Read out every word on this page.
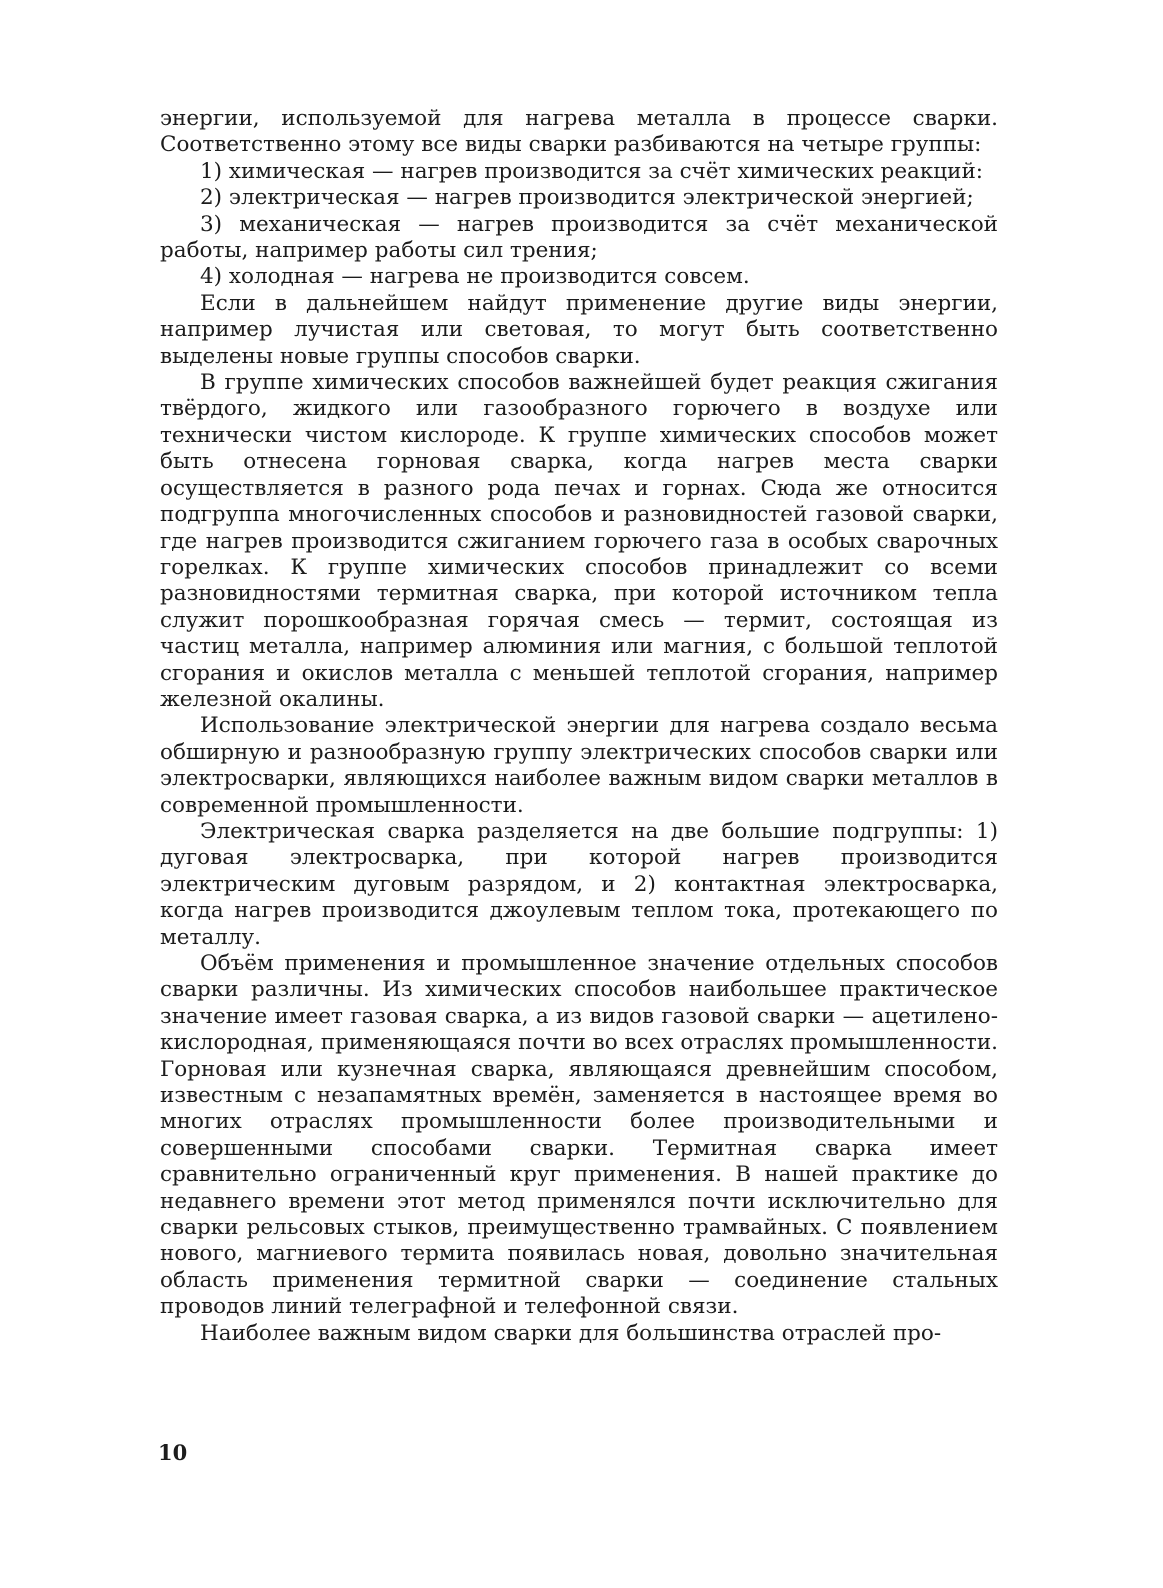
энергии, используемой для нагрева металла в процессе сварки. Соответственно этому все виды сварки разбиваются на четыре группы:

1) химическая — нагрев производится за счёт химических реакций:

2) электрическая — нагрев производится электрической энергией;

3) механическая — нагрев производится за счёт механической работы, например работы сил трения;

4) холодная — нагрева не производится совсем.

Если в дальнейшем найдут применение другие виды энергии, например лучистая или световая, то могут быть соответственно выделены новые группы способов сварки.

В группе химических способов важнейшей будет реакция сжигания твёрдого, жидкого или газообразного горючего в воздухе или технически чистом кислороде. К группе химических способов может быть отнесена горновая сварка, когда нагрев места сварки осуществляется в разного рода печах и горнах. Сюда же относится подгруппа многочисленных способов и разновидностей газовой сварки, где нагрев производится сжиганием горючего газа в особых сварочных горелках. К группе химических способов принадлежит со всеми разновидностями термитная сварка, при которой источником тепла служит порошкообразная горячая смесь — термит, состоящая из частиц металла, например алюминия или магния, с большой теплотой сгорания и окислов металла с меньшей теплотой сгорания, например железной окалины.

Использование электрической энергии для нагрева создало весьма обширную и разнообразную группу электрических способов сварки или электросварки, являющихся наиболее важным видом сварки металлов в современной промышленности.

Электрическая сварка разделяется на две большие подгруппы: 1) дуговая электросварка, при которой нагрев производится электрическим дуговым разрядом, и 2) контактная электросварка, когда нагрев производится джоулевым теплом тока, протекающего по металлу.

Объём применения и промышленное значение отдельных способов сварки различны. Из химических способов наибольшее практическое значение имеет газовая сварка, а из видов газовой сварки — ацетилено-кислородная, применяющаяся почти во всех отраслях промышленности. Горновая или кузнечная сварка, являющаяся древнейшим способом, известным с незапамятных времён, заменяется в настоящее время во многих отраслях промышленности более производительными и совершенными способами сварки. Термитная сварка имеет сравнительно ограниченный круг применения. В нашей практике до недавнего времени этот метод применялся почти исключительно для сварки рельсовых стыков, преимущественно трамвайных. С появлением нового, магниевого термита появилась новая, довольно значительная область применения термитной сварки — соединение стальных проводов линий телеграфной и телефонной связи.

Наиболее важным видом сварки для большинства отраслей про-

10
